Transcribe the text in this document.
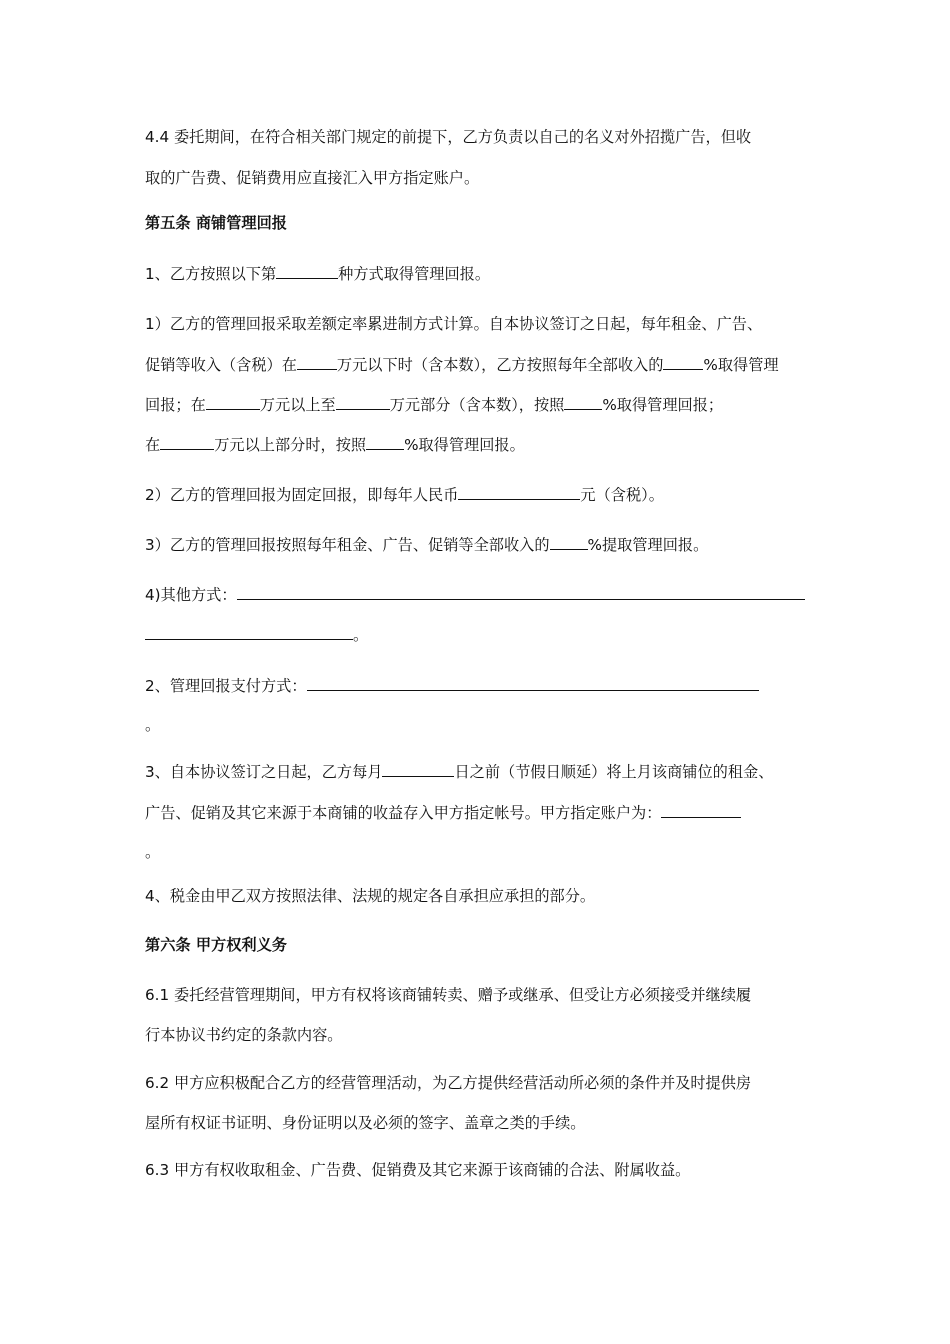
4.4 委托期间，在符合相关部门规定的前提下，乙方负责以自己的名义对外招揽广告，但收
取的广告费、促销费用应直接汇入甲方指定账户。
第五条 商铺管理回报
1、乙方按照以下第	种方式取得管理回报。
1）乙方的管理回报采取差额定率累进制方式计算。自本协议签订之日起，每年租金、广告、
促销等收入（含税）在	万元以下时（含本数），乙方按照每年全部收入的	%取得管理
回报；在	万元以上至	万元部分（含本数），按照	%取得管理回报；
在	万元以上部分时，按照	%取得管理回报。
2）乙方的管理回报为固定回报，即每年人民币	元（含税）。
3）乙方的管理回报按照每年租金、广告、促销等全部收入的	%提取管理回报。
4)其他方式：
。
2、管理回报支付方式：
。
3、自本协议签订之日起，乙方每月	日之前（节假日顺延）将上月该商铺位的租金、
广告、促销及其它来源于本商铺的收益存入甲方指定帐号。甲方指定账户为：
。
4、税金由甲乙双方按照法律、法规的规定各自承担应承担的部分。
第六条 甲方权利义务
6.1 委托经营管理期间，甲方有权将该商铺转卖、赠予或继承、但受让方必须接受并继续履
行本协议书约定的条款内容。
6.2 甲方应积极配合乙方的经营管理活动，为乙方提供经营活动所必须的条件并及时提供房
屋所有权证书证明、身份证明以及必须的签字、盖章之类的手续。
6.3 甲方有权收取租金、广告费、促销费及其它来源于该商铺的合法、附属收益。
